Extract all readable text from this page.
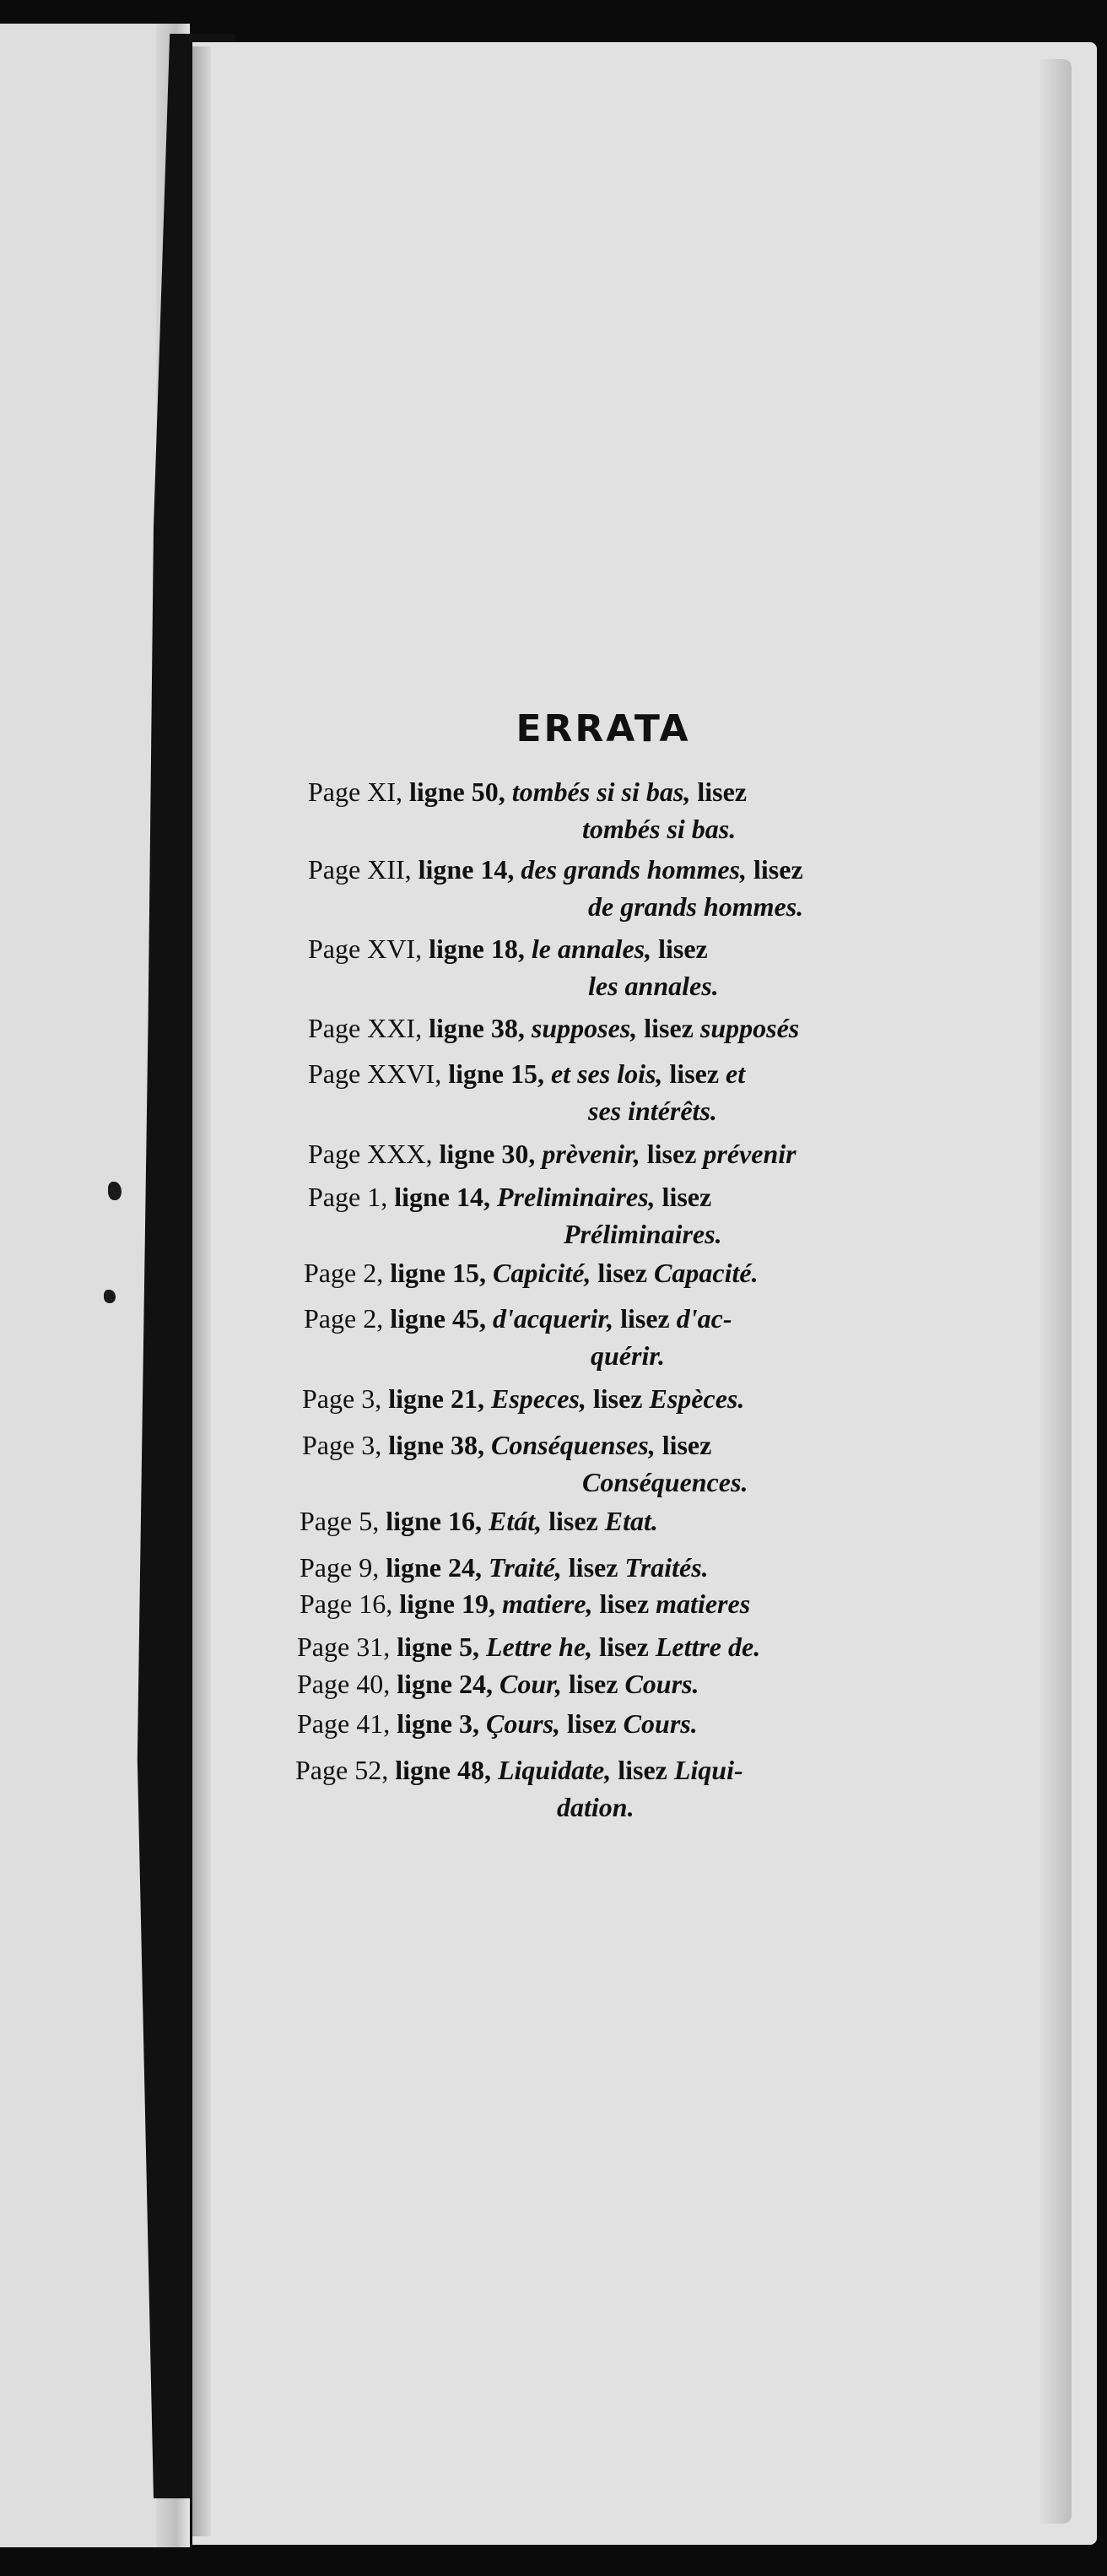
ERRATA
Page XI, ligne 50, tombés si si bas, lisez
tombés si bas.
Page XII, ligne 14, des grands hommes, lisez
de grands hommes.
Page XVI, ligne 18, le annales, lisez
les annales.
Page XXI, ligne 38, supposes, lisez supposés
Page XXVI, ligne 15, et ses lois, lisez et
ses intérêts.
Page XXX, ligne 30, prèvenir, lisez prévenir
Page 1, ligne 14, Preliminaires, lisez
Préliminaires.
Page 2, ligne 15, Capicité, lisez Capacité.
Page 2, ligne 45, d'acquerir, lisez d'ac-
quérir.
Page 3, ligne 21, Especes, lisez Espèces.
Page 3, ligne 38, Conséquenses, lisez
Conséquences.
Page 5, ligne 16, Etát, lisez Etat.
Page 9, ligne 24, Traité, lisez Traités.
Page 16, ligne 19, matiere, lisez matieres
Page 31, ligne 5, Lettre he, lisez Lettre de.
Page 40, ligne 24, Cour, lisez Cours.
Page 41, ligne 3, Çours, lisez Cours.
Page 52, ligne 48, Liquidate, lisez Liqui-
dation.
